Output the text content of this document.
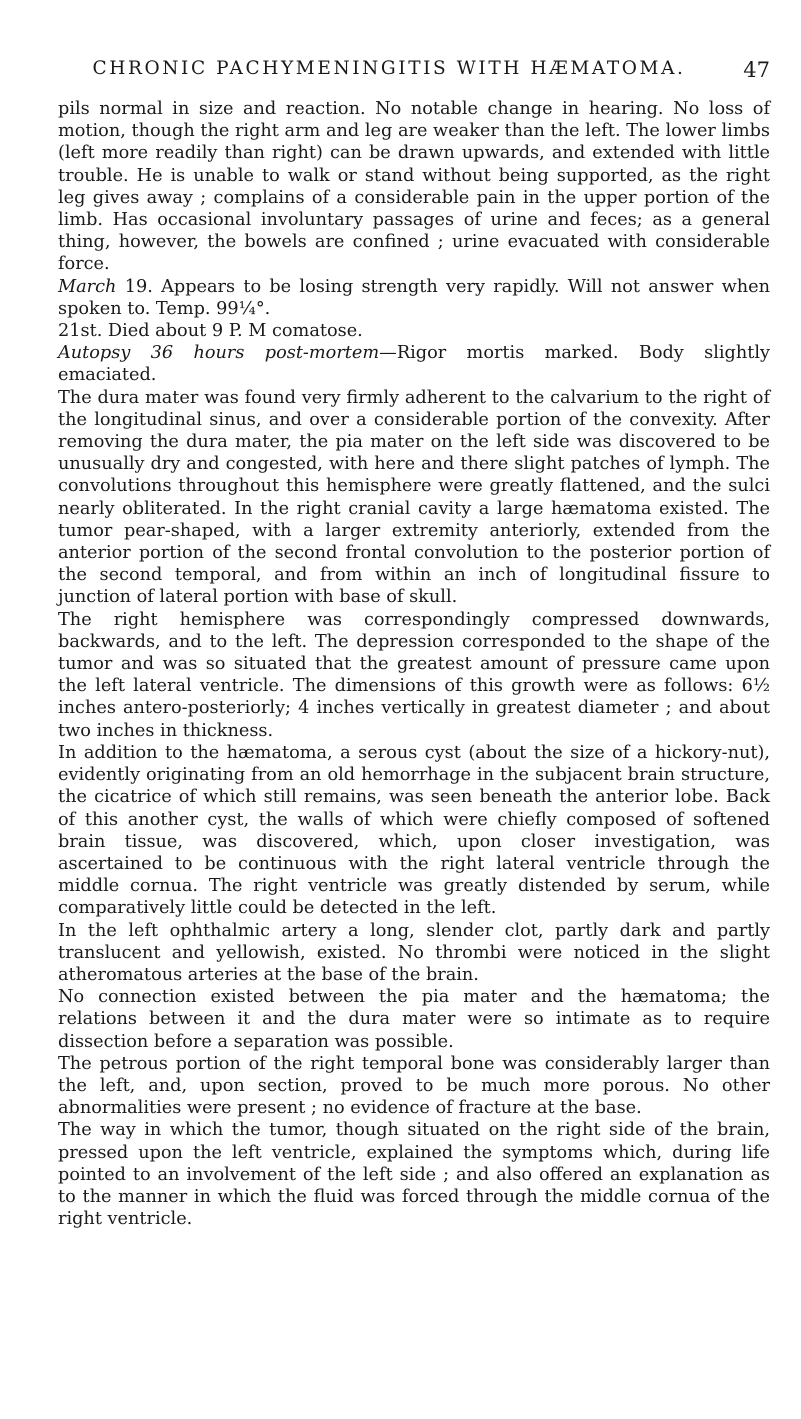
CHRONIC PACHYMENINGITIS WITH HÆMATOMA.	47

pils normal in size and reaction. No notable change in hearing. No loss of motion, though the right arm and leg are weaker than the left. The lower limbs (left more readily than right) can be drawn upwards, and extended with little trouble. He is unable to walk or stand without being supported, as the right leg gives away ; complains of a considerable pain in the upper portion of the limb. Has occasional involuntary passages of urine and feces; as a general thing, however, the bowels are confined ; urine evacuated with considerable force.

March 19. Appears to be losing strength very rapidly. Will not answer when spoken to. Temp. 99¼°.

21st. Died about 9 P. M comatose.

Autopsy 36 hours post-mortem—Rigor mortis marked. Body slightly emaciated.

The dura mater was found very firmly adherent to the calvarium to the right of the longitudinal sinus, and over a considerable portion of the convexity. After removing the dura mater, the pia mater on the left side was discovered to be unusually dry and congested, with here and there slight patches of lymph. The convolutions throughout this hemisphere were greatly flattened, and the sulci nearly obliterated. In the right cranial cavity a large hæmatoma existed. The tumor pear-shaped, with a larger extremity anteriorly, extended from the anterior portion of the second frontal convolution to the posterior portion of the second temporal, and from within an inch of longitudinal fissure to junction of lateral portion with base of skull.

The right hemisphere was correspondingly compressed downwards, backwards, and to the left. The depression corresponded to the shape of the tumor and was so situated that the greatest amount of pressure came upon the left lateral ventricle. The dimensions of this growth were as follows: 6½ inches antero-posteriorly; 4 inches vertically in greatest diameter ; and about two inches in thickness.

In addition to the hæmatoma, a serous cyst (about the size of a hickory-nut), evidently originating from an old hemorrhage in the subjacent brain structure, the cicatrice of which still remains, was seen beneath the anterior lobe. Back of this another cyst, the walls of which were chiefly composed of softened brain tissue, was discovered, which, upon closer investigation, was ascertained to be continuous with the right lateral ventricle through the middle cornua. The right ventricle was greatly distended by serum, while comparatively little could be detected in the left.

In the left ophthalmic artery a long, slender clot, partly dark and partly translucent and yellowish, existed. No thrombi were noticed in the slight atheromatous arteries at the base of the brain.

No connection existed between the pia mater and the hæmatoma; the relations between it and the dura mater were so intimate as to require dissection before a separation was possible.

The petrous portion of the right temporal bone was considerably larger than the left, and, upon section, proved to be much more porous. No other abnormalities were present ; no evidence of fracture at the base.

The way in which the tumor, though situated on the right side of the brain, pressed upon the left ventricle, explained the symptoms which, during life pointed to an involvement of the left side ; and also offered an explanation as to the manner in which the fluid was forced through the middle cornua of the right ventricle.
